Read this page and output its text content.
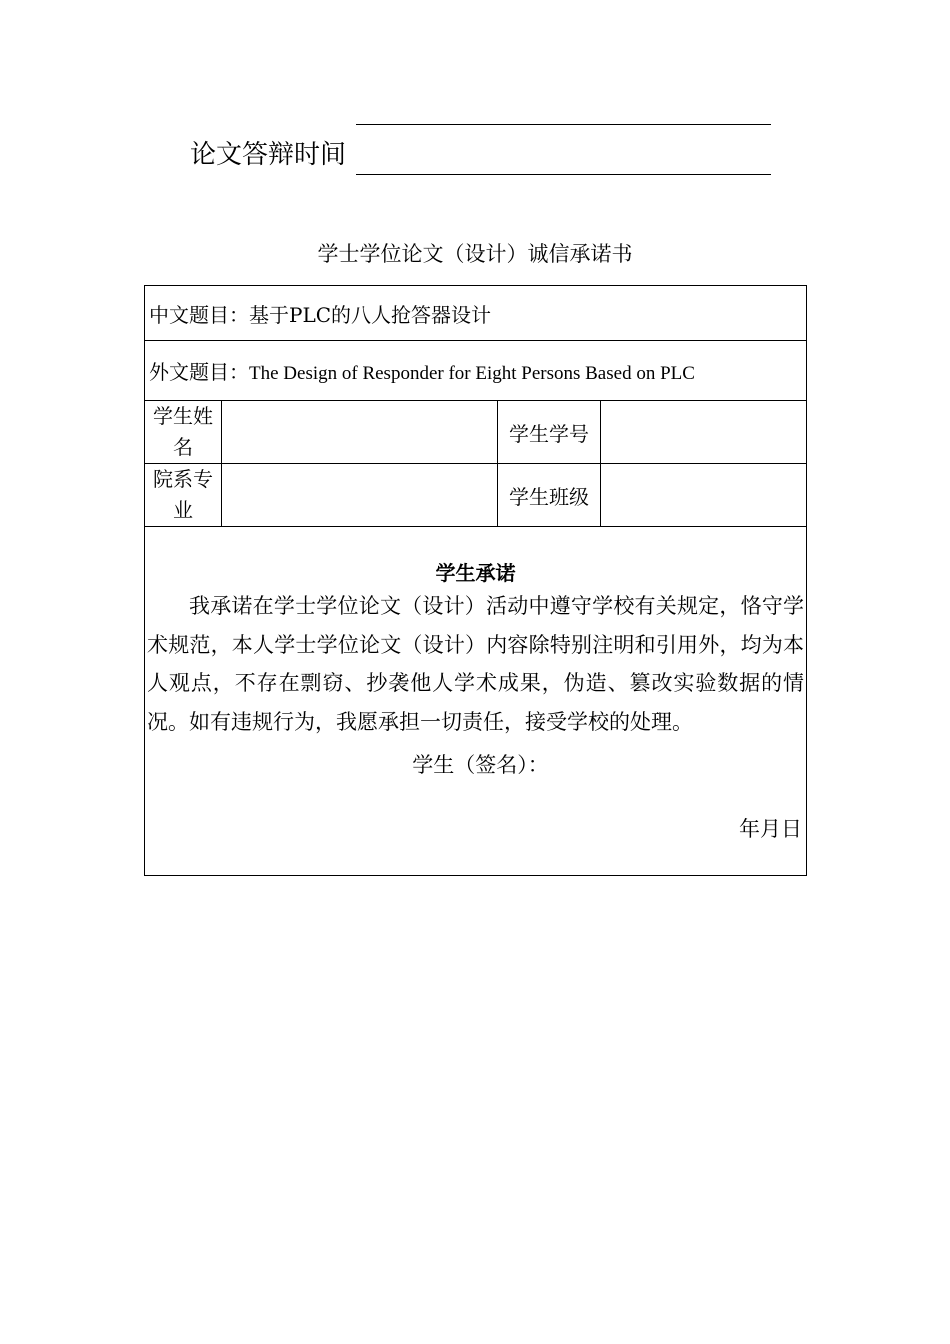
论文答辩时间
学士学位论文（设计）诚信承诺书
中文题目：基于PLC的八人抢答器设计			
外文题目：The Design of Responder for Eight Persons Based on PLC			
学生姓名		学生学号	
院系专业		学生班级	

学生承诺

我承诺在学士学位论文（设计）活动中遵守学校有关规定，恪守学术规范，本人学士学位论文（设计）内容除特别注明和引用外，均为本人观点，不存在剽窃、抄袭他人学术成果，伪造、篡改实验数据的情况。如有违规行为，我愿承担一切责任，接受学校的处理。

学生（签名）：
年月日			
